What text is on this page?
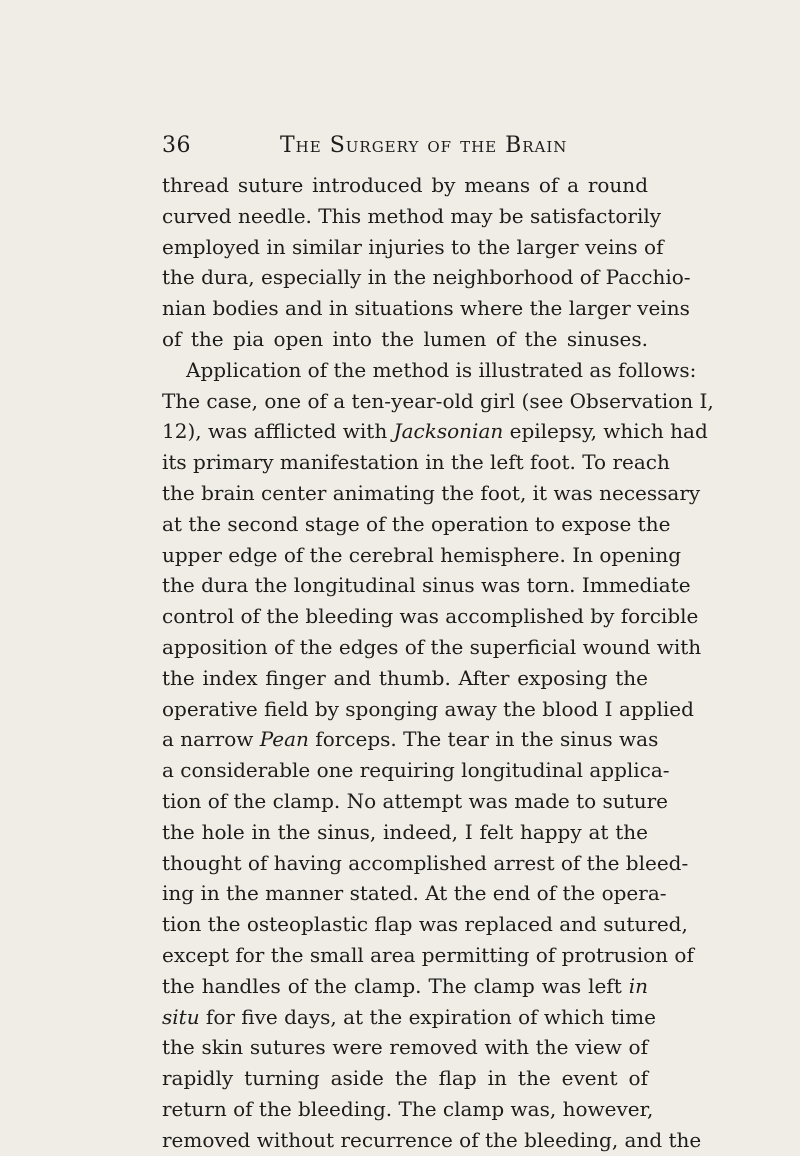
36	The Surgery of the Brain
thread suture introduced by means of a round
curved needle. This method may be satisfactorily
employed in similar injuries to the larger veins of
the dura, especially in the neighborhood of Pacchio-
nian bodies and in situations where the larger veins
of the pia open into the lumen of the sinuses.
Application of the method is illustrated as follows:
The case, one of a ten-year-old girl (see Observation I,
12), was afflicted with Jacksonian epilepsy, which had
its primary manifestation in the left foot. To reach
the brain center animating the foot, it was necessary
at the second stage of the operation to expose the
upper edge of the cerebral hemisphere. In opening
the dura the longitudinal sinus was torn. Immediate
control of the bleeding was accomplished by forcible
apposition of the edges of the superficial wound with
the index finger and thumb. After exposing the
operative field by sponging away the blood I applied
a narrow Pean forceps. The tear in the sinus was
a considerable one requiring longitudinal applica-
tion of the clamp. No attempt was made to suture
the hole in the sinus, indeed, I felt happy at the
thought of having accomplished arrest of the bleed-
ing in the manner stated. At the end of the opera-
tion the osteoplastic flap was replaced and sutured,
except for the small area permitting of protrusion of
the handles of the clamp. The clamp was left in
situ for five days, at the expiration of which time
the skin sutures were removed with the view of
rapidly turning aside the flap in the event of
return of the bleeding. The clamp was, however,
removed without recurrence of the bleeding, and the
